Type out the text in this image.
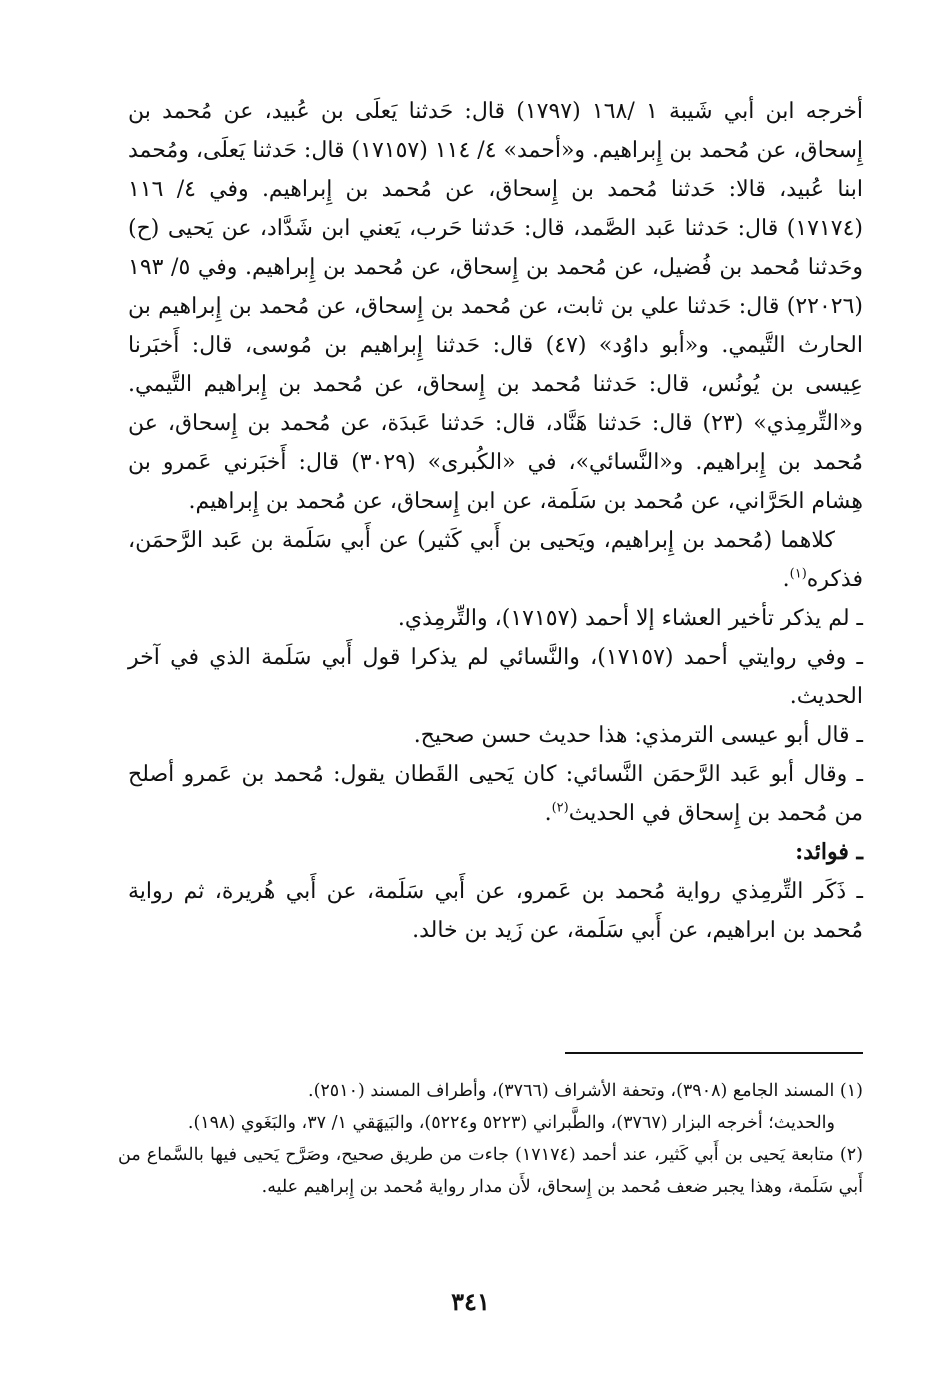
أخرجه ابن أبي شَيبة ١ /١٦٨ (١٧٩٧) قال: حَدثنا يَعلَى بن عُبيد، عن مُحمد بن إِسحاق، عن مُحمد بن إِبراهيم. و«أحمد» ٤/ ١١٤ (١٧١٥٧) قال: حَدثنا يَعلَى، ومُحمد ابنا عُبيد، قالا: حَدثنا مُحمد بن إِسحاق، عن مُحمد بن إِبراهيم. وفي ٤/ ١١٦ (١٧١٧٤) قال: حَدثنا عَبد الصَّمد، قال: حَدثنا حَرب، يَعني ابن شَدَّاد، عن يَحيى (ح) وحَدثنا مُحمد بن فُضيل، عن مُحمد بن إِسحاق، عن مُحمد بن إِبراهيم. وفي ٥/ ١٩٣ (٢٢٠٢٦) قال: حَدثنا علي بن ثابت، عن مُحمد بن إِسحاق، عن مُحمد بن إِبراهيم بن الحارث التَّيمي. و«أبو داوُد» (٤٧) قال: حَدثنا إِبراهيم بن مُوسى، قال: أَخبَرنا عِيسى بن يُونُس، قال: حَدثنا مُحمد بن إِسحاق، عن مُحمد بن إِبراهيم التَّيمي. و«التِّرمِذي» (٢٣) قال: حَدثنا هَنَّاد، قال: حَدثنا عَبدَة، عن مُحمد بن إِسحاق، عن مُحمد بن إِبراهيم. و«النَّسائي»، في «الكُبرى» (٣٠٢٩) قال: أَخبَرني عَمرو بن هِشام الحَرَّاني، عن مُحمد بن سَلَمة، عن ابن إِسحاق، عن مُحمد بن إِبراهيم.

كلاهما (مُحمد بن إِبراهيم، ويَحيى بن أَبي كَثير) عن أَبي سَلَمة بن عَبد الرَّحمَن، فذكره$^{(١)}$.

ـ لم يذكر تأخير العشاء إلا أحمد (١٧١٥٧)، والتِّرمِذي.

ـ وفي روايتي أحمد (١٧١٥٧)، والنَّسائي لم يذكرا قول أَبي سَلَمة الذي في آخر الحديث.

ـ قال أبو عيسى الترمذي: هذا حديث حسن صحيح.

ـ وقال أبو عَبد الرَّحمَن النَّسائي: كان يَحيى القَطان يقول: مُحمد بن عَمرو أصلح من مُحمد بن إِسحاق في الحديث$^{(٢)}$.

ـ فوائد:

ـ ذَكَر التِّرمِذي رواية مُحمد بن عَمرو، عن أَبي سَلَمة، عن أَبي هُريرة، ثم رواية مُحمد بن ابراهيم، عن أَبي سَلَمة، عن زَيد بن خالد.

(١) المسند الجامع (٣٩٠٨)، وتحفة الأشراف (٣٧٦٦)، وأطراف المسند (٢٥١٠).

والحديث؛ أخرجه البزار (٣٧٦٧)، والطَّبراني (٥٢٢٣ و٥٢٢٤)، والبَيهَقي ١/ ٣٧، والبَغَوي (١٩٨).

(٢) متابعة يَحيى بن أَبي كَثير، عند أحمد (١٧١٧٤) جاءت من طريق صحيح، وصَرَّح يَحيى فيها بالسَّماع من أَبي سَلَمة، وهذا يجبر ضعف مُحمد بن إِسحاق، لأَن مدار رواية مُحمد بن إِبراهيم عليه.

٣٤١
